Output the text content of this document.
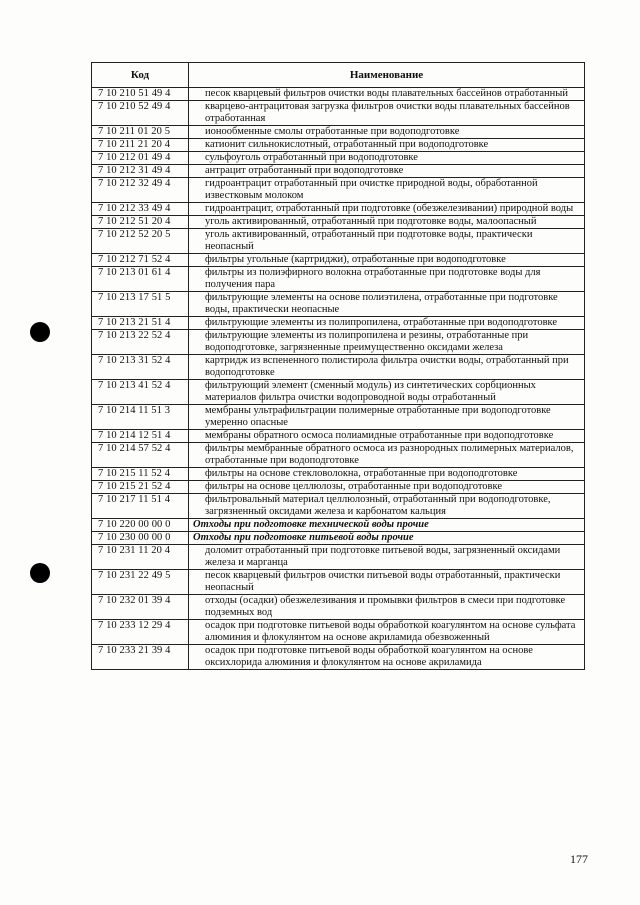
Код	Наименование
7 10 210 51 49 4	песок кварцевый фильтров очистки воды плавательных бассейнов отработанный
7 10 210 52 49 4	кварцево-антрацитовая загрузка фильтров очистки воды плавательных бассейнов отработанная
7 10 211 01 20 5	ионообменные смолы отработанные при водоподготовке
7 10 211 21 20 4	катионит сильнокислотный, отработанный при водоподготовке
7 10 212 01 49 4	сульфоуголь отработанный при водоподготовке
7 10 212 31 49 4	антрацит отработанный при водоподготовке
7 10 212 32 49 4	гидроантрацит отработанный при очистке природной воды, обработанной известковым молоком
7 10 212 33 49 4	гидроантрацит, отработанный при подготовке (обезжелезивании) природной воды
7 10 212 51 20 4	уголь активированный, отработанный при подготовке воды, малоопасный
7 10 212 52 20 5	уголь активированный, отработанный при подготовке воды, практически неопасный
7 10 212 71 52 4	фильтры угольные (картриджи), отработанные при водоподготовке
7 10 213 01 61 4	фильтры из полиэфирного волокна отработанные при подготовке воды для получения пара
7 10 213 17 51 5	фильтрующие элементы на основе полиэтилена, отработанные при подготовке воды, практически неопасные
7 10 213 21 51 4	фильтрующие элементы из полипропилена, отработанные при водоподготовке
7 10 213 22 52 4	фильтрующие элементы из полипропилена и резины, отработанные при водоподготовке, загрязненные преимущественно оксидами железа
7 10 213 31 52 4	картридж из вспененного полистирола фильтра очистки воды, отработанный при водоподготовке
7 10 213 41 52 4	фильтрующий элемент (сменный модуль) из синтетических сорбционных материалов фильтра очистки водопроводной воды отработанный
7 10 214 11 51 3	мембраны ультрафильтрации полимерные отработанные при водоподготовке умеренно опасные
7 10 214 12 51 4	мембраны обратного осмоса полиамидные отработанные при водоподготовке
7 10 214 57 52 4	фильтры мембранные обратного осмоса из разнородных полимерных материалов, отработанные при водоподготовке
7 10 215 11 52 4	фильтры на основе стекловолокна, отработанные при водоподготовке
7 10 215 21 52 4	фильтры на основе целлюлозы, отработанные при водоподготовке
7 10 217 11 51 4	фильтровальный материал целлюлозный, отработанный при водоподготовке, загрязненный оксидами железа и карбонатом кальция
7 10 220 00 00 0	Отходы при подготовке технической воды прочие
7 10 230 00 00 0	Отходы при подготовке питьевой воды прочие
7 10 231 11 20 4	доломит отработанный при подготовке питьевой воды, загрязненный оксидами железа и марганца
7 10 231 22 49 5	песок кварцевый фильтров очистки питьевой воды отработанный, практически неопасный
7 10 232 01 39 4	отходы (осадки) обезжелезивания и промывки фильтров в смеси при подготовке подземных вод
7 10 233 12 29 4	осадок при подготовке питьевой воды обработкой коагулянтом на основе сульфата алюминия и флокулянтом на основе акриламида обезвоженный
7 10 233 21 39 4	осадок при подготовке питьевой воды обработкой коагулянтом на основе оксихлорида алюминия и флокулянтом на основе акриламида
177
